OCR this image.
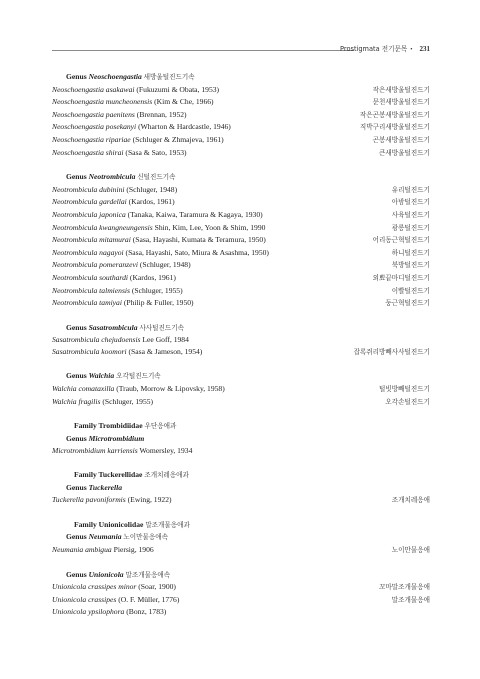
Prostigmata 전기문목 • 231
Genus Neoschoengastia 새방울털진드기속
Neoschoengastia asakawai (Fukuzumi & Obata, 1953)	작은새방울털진드기
Neoschoengastia muncheonensis (Kim & Che, 1966)	문천새방울털진드기
Neoschoengastia paenitens (Brennan, 1952)	작은곤봉새방울털진드기
Neoschoengastia posekanyi (Wharton & Hardcastle, 1946)	직박구리새방울털진드기
Neoschoengastia ripariae (Schluger & Zhmajeva, 1961)	곤봉새방울털진드기
Neoschoengastia shirai (Sasa & Sato, 1953)	큰새방울털진드기
Genus Neotrombicula 신털진드기속
Neotrombicula dubinini (Schluger, 1948)	유리털진드기
Neotrombicula gardellai (Kardos, 1961)	아밤털진드기
Neotrombicula japonica (Tanaka, Kaiwa, Taramura & Kagaya, 1930)	사육털진드기
Neotrombicula kwangneungensis Shin, Kim, Lee, Yoon & Shim, 1990	광릉털진드기
Neotrombicula mitamurai (Sasa, Hayashi, Kumata & Teramura, 1950)	어리동근혁털진드기
Neotrombicula nagayoi (Sasa, Hayashi, Sato, Miura & Asashma, 1950)	하니털진드기
Neotrombicula pomeranzevi (Schluger, 1948)	북방털진드기
Neotrombicula southardi (Kardos, 1961)	외뾰끝마디털진드기
Neotrombicula talmiensis (Schluger, 1955)	이빨털진드기
Neotrombicula tamiyai (Philip & Fuller, 1950)	둥근혁털진드기
Genus Sasatrombicula 사사털진드기속
Sasatrombicula chejudoensis Lee Goff, 1984
Sasatrombicula koomori (Sasa & Jameson, 1954)	잡록쥐리방빼사사털진드기
Genus Walchia 오각털진드기속
Walchia comataxilla (Traub, Morrow & Lipovsky, 1958)	털빗방빼털진드기
Walchia fragilis (Schluger, 1955)	오각손털진드기
Family Trombidiidae 우단응애과
Genus Microtrombidium
Microtrombidium karriensis Womersley, 1934
Family Tuckerellidae 조개치레응애과
Genus Tuckerella
Tuckerella pavoniformis (Ewing, 1922)	조개치레응애
Family Unionicolidae 말조개물응애과
Genus Neumania 노이만물응애속
Neumania ambigua Piersig, 1906	노이만물응애
Genus Unionicola 말조개물응애속
Unionicola crassipes minor (Soar, 1900)	꼬마말조개물응애
Unionicola crassipes (O. F. Müller, 1776)	말조개물응애
Unionicola ypsilophora (Bonz, 1783)
